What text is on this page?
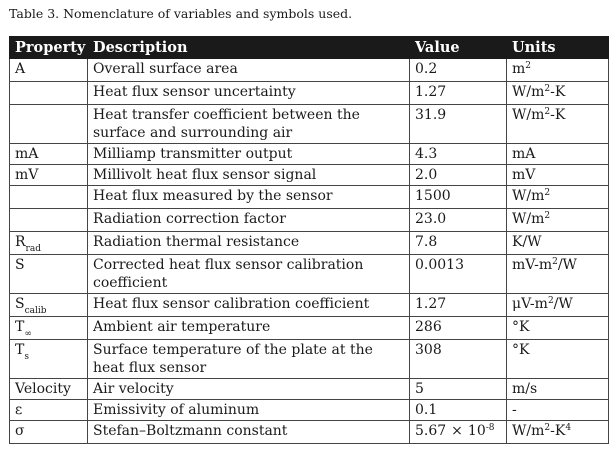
Table 3. Nomenclature of variables and symbols used.
Property	Description	Value	Units
A	Overall surface area	0.2	$m^2$
	Heat flux sensor uncertainty	1.27	$W/m^2-K$
	Heat transfer coefficient between the surface and surrounding air	31.9	$W/m^2-K$
mA	Milliamp transmitter output	4.3	mA
mV	Millivolt heat flux sensor signal	2.0	mV
	Heat flux measured by the sensor	1500	$W/m^2$
	Radiation correction factor	23.0	$W/m^2$
$R_{rad}$	Radiation thermal resistance	7.8	K/W
S	Corrected heat flux sensor calibration coefficient	0.0013	$mV-m^2/W$
$S_{calib}$	Heat flux sensor calibration coefficient	1.27	$\mu V-m^2/W$
$T_\infty$	Ambient air temperature	286	°K
$T_s$	Surface temperature of the plate at the heat flux sensor	308	°K
Velocity	Air velocity	5	m/s
ε	Emissivity of aluminum	0.1	-
σ	Stefan–Boltzmann constant	$5.67 \times 10^{-8}$	$W/m^2-K^4$
